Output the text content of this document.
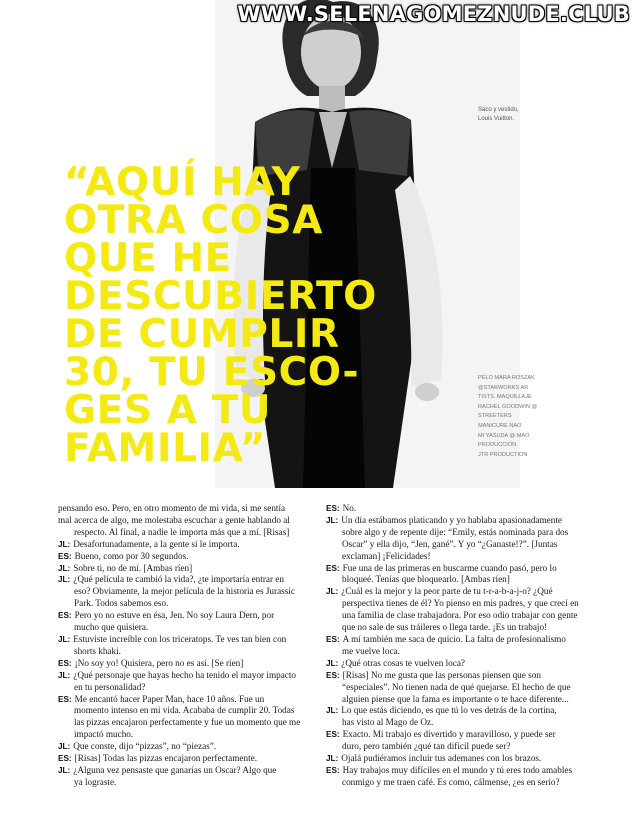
WWW.SELENAGOMEZNUDE.CLUB
Saco y vestido,
Louis Vuitton.
PELO MARA ROSZAK
@STARWORKS AR
TISTS. MAQUILLAJE
RACHEL GOODWIN @
STREETERS
MANICURE NAO
MI YASUDA @ MAO
PRODUCCIÓN
JTR PRODUCTION
“AQUÍ HAY
OTRA COSA
QUE HE
DESCUBIERTO
DE CUMPLIR
30, TU ESCO-
GES A TU
FAMILIA”
pensando eso. Pero, en otro momento de mi vida, si me sentía
mal acerca de algo, me molestaba escuchar a gente hablando al
respecto. Al final, a nadie le importa más que a mí. [Risas]
JL: Desafortunadamente, a la gente sí le importa.
ES: Bueno, como por 30 segundos.
JL: Sobre ti, no de mí. [Ambas ríen]
JL: ¿Qué película te cambió la vida?, ¿te importaría entrar en
eso? Obviamente, la mejor película de la historia es Jurassic
Park. Todos sabemos eso.
ES: Pero yo no estuve en ésa, Jen. No soy Laura Dern, por
mucho que quisiera.
JL: Estuviste increíble con los triceratops. Te ves tan bien con
shorts khaki.
ES: ¡No soy yo! Quisiera, pero no es así. [Se ríen]
JL: ¿Qué personaje que hayas hecho ha tenido el mayor impacto
en tu personalidad?
ES: Me encantó hacer Paper Man, hace 10 años. Fue un
momento intenso en mi vida. Acababa de cumplir 20. Todas
las pizzas encajaron perfectamente y fue un momento que me
impactó mucho.
JL: Que conste, dijo “pizzas”, no “piezas”.
ES: [Risas] Todas las pizzas encajaron perfectamente.
JL: ¿Alguna vez pensaste que ganarías un Oscar? Algo que
ya lograste.
ES: No.
JL: Un día estábamos platicando y yo hablaba apasionadamente
sobre algo y de repente dije: “Emily, estás nominada para dos
Oscar” y ella dijo, “Jen, gané”. Y yo “¿Ganaste!?”. [Juntas
exclaman] ¡Felicidades!
ES: Fue una de las primeras en buscarme cuando pasó, pero lo
bloqueé. Tenías que bloquearlo. [Ambas ríen]
JL: ¿Cuál es la mejor y la peor parte de tu t-r-a-b-a-j-o? ¿Qué
perspectiva tienes de él? Yo pienso en mis padres, y que crecí en
una familia de clase trabajadora. Por eso odio trabajar con gente
que no sale de sus tráileres o llega tarde. ¡Es un trabajo!
ES: A mí también me saca de quicio. La falta de profesionalismo
me vuelve loca.
JL: ¿Qué otras cosas te vuelven loca?
ES: [Risas] No me gusta que las personas piensen que son
“especiales”. No tienen nada de qué quejarse. El hecho de que
alguien piense que la fama es importante o te hace diferente...
JL: Lo que estás diciendo, es que tú lo ves detrás de la cortina,
has visto al Mago de Oz.
ES: Exacto. Mi trabajo es divertido y maravilloso, y puede ser
duro, pero también ¿qué tan difícil puede ser?
JL: Ojalá pudiéramos incluir tus ademanes con los brazos.
ES: Hay trabajos muy difíciles en el mundo y tú eres todo amables
conmigo y me traen café. Es como, cálmense, ¿es en serio?
